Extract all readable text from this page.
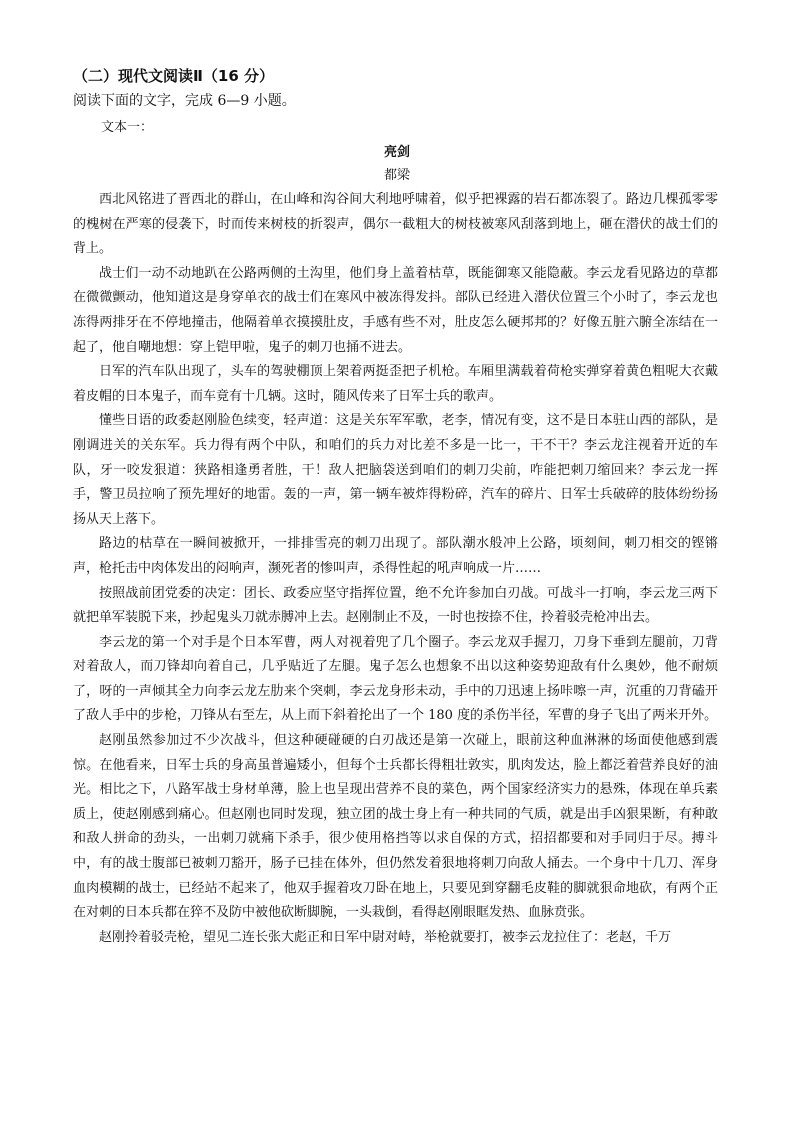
（二）现代文阅读Ⅱ（16 分）
阅读下面的文字，完成 6—9 小题。
文本一：
亮剑
都梁

西北风铭进了晋西北的群山，在山峰和沟谷间大利地呼啸着，似乎把裸露的岩石都冻裂了。路边几棵孤零零的槐树在严寒的侵袭下，时而传来树枝的折裂声，偶尔一截粗大的树枝被寒风刮落到地上，砸在潜伏的战士们的背上。

战士们一动不动地趴在公路两侧的土沟里，他们身上盖着枯草，既能御寒又能隐蔽。李云龙看见路边的草都在微微颤动，他知道这是身穿单衣的战士们在寒风中被冻得发抖。部队已经进入潜伏位置三个小时了，李云龙也冻得两排牙在不停地撞击，他隔着单衣摸摸肚皮，手感有些不对，肚皮怎么硬邦邦的？好像五脏六腑全冻结在一起了，他自嘲地想：穿上铠甲啦，鬼子的刺刀也捅不进去。

日军的汽车队出现了，头车的驾驶棚顶上架着两挺歪把子机枪。车厢里满载着荷枪实弹穿着黄色粗呢大衣戴着皮帽的日本鬼子，而车竟有十几辆。这时，随风传来了日军士兵的歌声。

懂些日语的政委赵刚脸色续变，轻声道：这是关东军军歌，老李，情况有变，这不是日本驻山西的部队，是刚调进关的关东军。兵力得有两个中队，和咱们的兵力对比差不多是一比一，干不干？李云龙注视着开近的车队，牙一咬发狠道：狭路相逢勇者胜，干！敌人把脑袋送到咱们的刺刀尖前，咋能把刺刀缩回来？李云龙一挥手，警卫员拉响了预先埋好的地雷。轰的一声，第一辆车被炸得粉碎，汽车的碎片、日军士兵破碎的肢体纷纷扬扬从天上落下。

路边的枯草在一瞬间被掀开，一排排雪亮的刺刀出现了。部队潮水般冲上公路，顷刻间，刺刀相交的铿锵声，枪托击中肉体发出的闷响声，濒死者的惨叫声，杀得性起的吼声响成一片……

按照战前团党委的决定：团长、政委应坚守指挥位置，绝不允许参加白刃战。可战斗一打响，李云龙三两下就把单军装脱下来，抄起鬼头刀就赤膊冲上去。赵刚制止不及，一时也按捺不住，拎着驳壳枪冲出去。

李云龙的第一个对手是个日本军曹，两人对视着兜了几个圈子。李云龙双手握刀，刀身下垂到左腿前，刀背对着敌人，而刀锋却向着自己，几乎贴近了左腿。鬼子怎么也想象不出以这种姿势迎敌有什么奥妙，他不耐烦了，呀的一声倾其全力向李云龙左肋来个突刺，李云龙身形未动，手中的刀迅速上扬咔嚓一声，沉重的刀背磕开了敌人手中的步枪，刀锋从右至左，从上而下斜着抡出了一个 180 度的杀伤半径，军曹的身子飞出了两米开外。

赵刚虽然参加过不少次战斗，但这种硬碰硬的白刃战还是第一次碰上，眼前这种血淋淋的场面使他感到震惊。在他看来，日军士兵的身高虽普遍矮小，但每个士兵都长得粗壮敦实，肌肉发达，脸上都泛着营养良好的油光。相比之下，八路军战士身材单薄，脸上也呈现出营养不良的菜色，两个国家经济实力的悬殊，体现在单兵素质上，使赵刚感到痛心。但赵刚也同时发现，独立团的战士身上有一种共同的气质，就是出手凶狠果断，有种敢和敌人拼命的劲头，一出刺刀就痛下杀手，很少使用格挡等以求自保的方式，招招都要和对手同归于尽。搏斗中，有的战士腹部已被刺刀豁开，肠子已挂在体外，但仍然发着狠地将刺刀向敌人捅去。一个身中十几刀、浑身血肉模糊的战士，已经站不起来了，他双手握着攻刀卧在地上，只要见到穿翻毛皮鞋的脚就狠命地砍，有两个正在对刺的日本兵都在猝不及防中被他砍断脚腕，一头栽倒，看得赵刚眼眶发热、血脉贲张。

赵刚拎着驳壳枪，望见二连长张大彪正和日军中尉对峙，举枪就要打，被李云龙拉住了：老赵，千万
